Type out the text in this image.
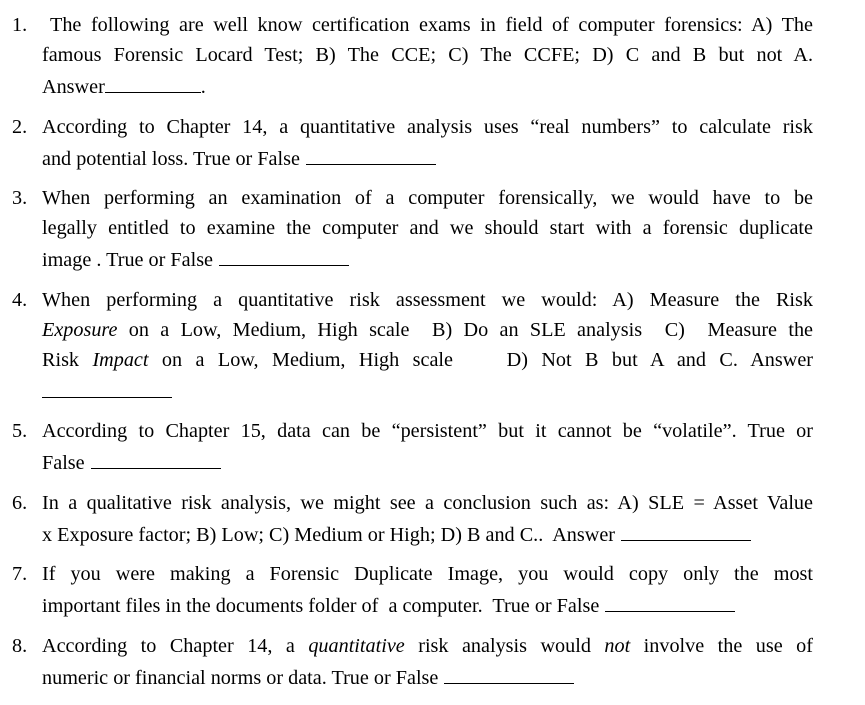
1. The following are well know certification exams in field of computer forensics: A) The
famous Forensic Locard Test; B) The CCE; C) The CCFE; D) C and B but not A.
Answer	.
2. According to Chapter 14, a quantitative analysis uses “real numbers” to calculate risk
and potential loss. True or False
3. When performing an examination of a computer forensically, we would have to be
legally entitled to examine the computer and we should start with a forensic duplicate
image . True or False
4. When performing a quantitative risk assessment we would: A) Measure the Risk
Exposure on a Low, Medium, High scale  B) Do an SLE analysis  C)  Measure the
Risk Impact on a Low, Medium, High scale    D) Not B but A and C. Answer
5. According to Chapter 15, data can be “persistent” but it cannot be “volatile”. True or
False
6. In a qualitative risk analysis, we might see a conclusion such as: A) SLE = Asset Value
x Exposure factor; B) Low; C) Medium or High; D) B and C..  Answer
7. If you were making a Forensic Duplicate Image, you would copy only the most
important files in the documents folder of  a computer.  True or False
8. According to Chapter 14, a quantitative risk analysis would not involve the use of
numeric or financial norms or data. True or False
